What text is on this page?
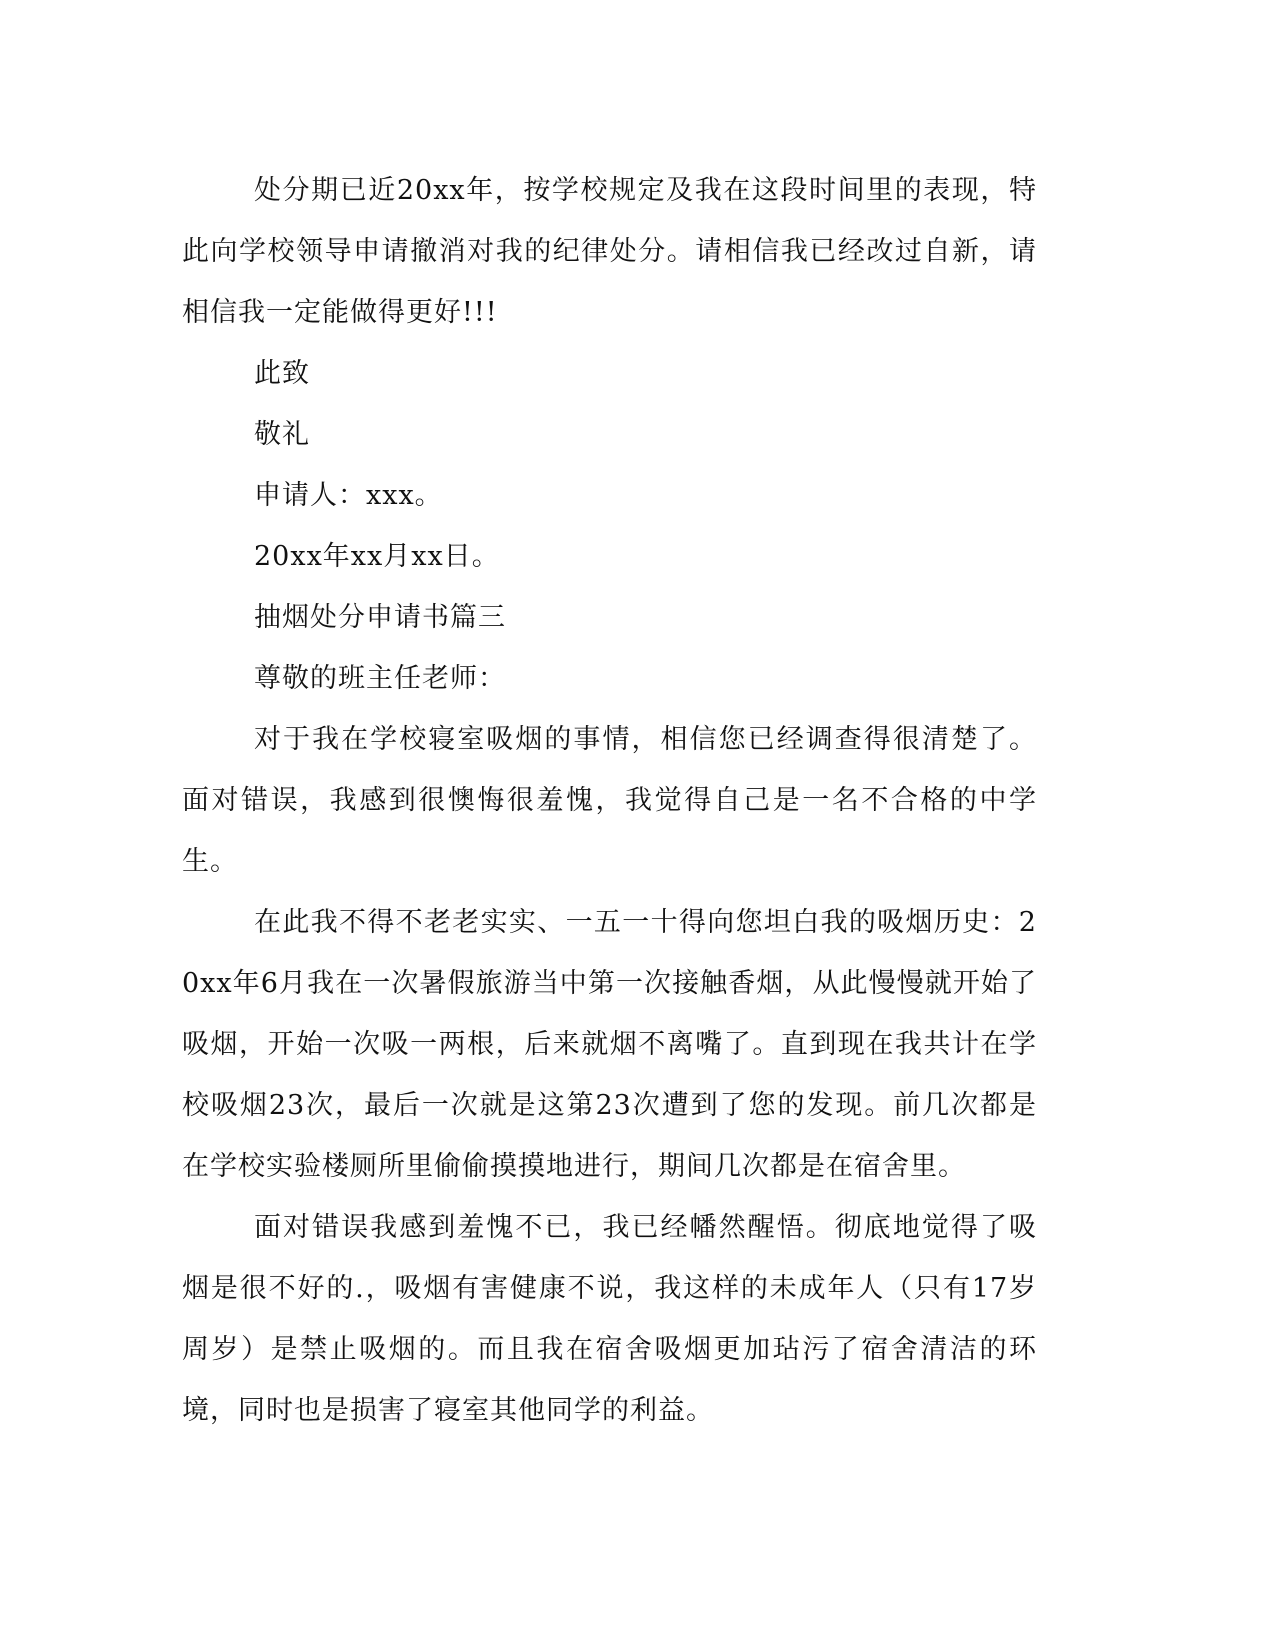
处分期已近20xx年，按学校规定及我在这段时间里的表现，特此向学校领导申请撤消对我的纪律处分。请相信我已经改过自新，请相信我一定能做得更好!!!

此致

敬礼

申请人：xxx。

20xx年xx月xx日。

抽烟处分申请书篇三

尊敬的班主任老师：

对于我在学校寝室吸烟的事情，相信您已经调查得很清楚了。面对错误，我感到很懊悔很羞愧，我觉得自己是一名不合格的中学生。

在此我不得不老老实实、一五一十得向您坦白我的吸烟历史：20xx年6月我在一次暑假旅游当中第一次接触香烟，从此慢慢就开始了吸烟，开始一次吸一两根，后来就烟不离嘴了。直到现在我共计在学校吸烟23次，最后一次就是这第23次遭到了您的发现。前几次都是在学校实验楼厕所里偷偷摸摸地进行，期间几次都是在宿舍里。

面对错误我感到羞愧不已，我已经幡然醒悟。彻底地觉得了吸烟是很不好的.，吸烟有害健康不说，我这样的未成年人（只有17岁周岁）是禁止吸烟的。而且我在宿舍吸烟更加玷污了宿舍清洁的环境，同时也是损害了寝室其他同学的利益。
